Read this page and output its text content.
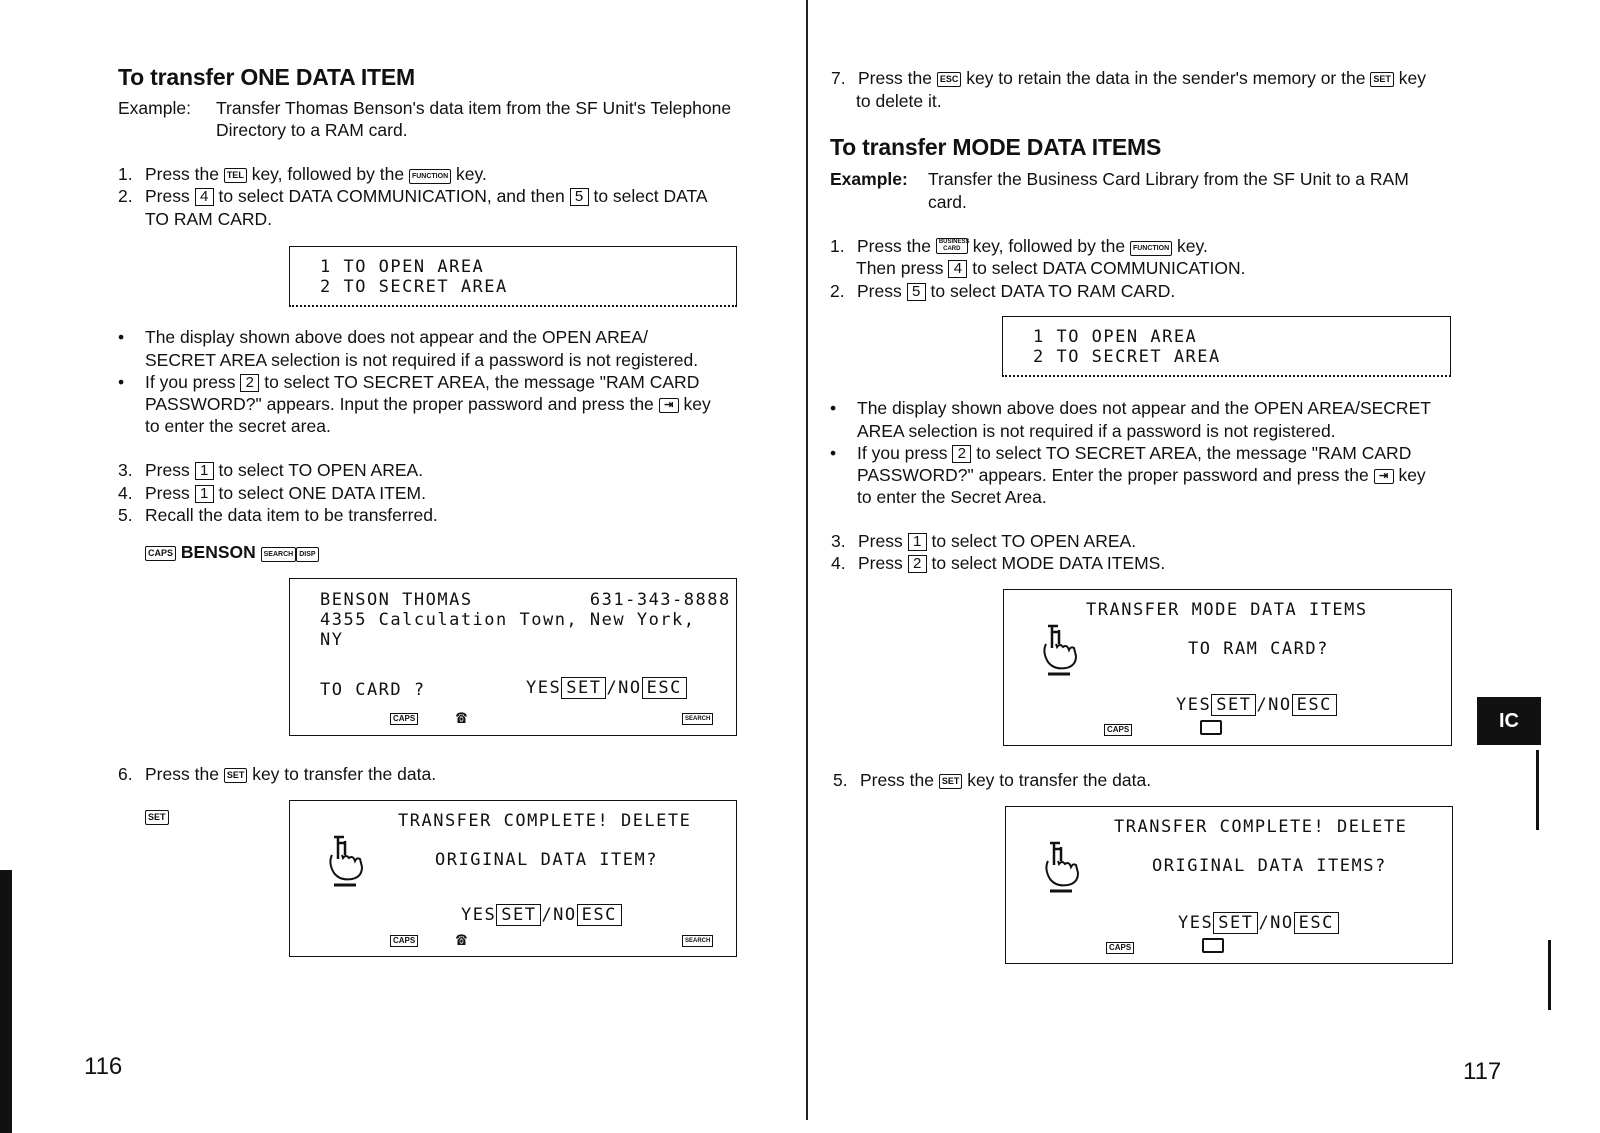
To transfer ONE DATA ITEM
Example: Transfer Thomas Benson's data item from the SF Unit's Telephone
Directory to a RAM card.
1. Press the TEL key, followed by the FUNCTION key.
2. Press 4 to select DATA COMMUNICATION, and then 5 to select DATA
TO RAM CARD.
1 TO OPEN AREA
2 TO SECRET AREA
• The display shown above does not appear and the OPEN AREA/
SECRET AREA selection is not required if a password is not registered.
• If you press 2 to select TO SECRET AREA, the message "RAM CARD
PASSWORD?" appears. Input the proper password and press the ⇥ key
to enter the secret area.
3. Press 1 to select TO OPEN AREA.
4. Press 1 to select ONE DATA ITEM.
5. Recall the data item to be transferred.
CAPS BENSON SEARCH DISP
BENSON THOMAS          631-343-8888
4355 Calculation Town, New York,
NY
TO CARD ?	YES SET /NO ESC
CAPS ☎	SEARCH
6. Press the SET key to transfer the data.
SET	TRANSFER COMPLETE! DELETE
ORIGINAL DATA ITEM?
YES SET /NO ESC
CAPS ☎	SEARCH
116
7. Press the ESC key to retain the data in the sender's memory or the SET key
to delete it.
To transfer MODE DATA ITEMS
Example: Transfer the Business Card Library from the SF Unit to a RAM
card.
1. Press the BUSINESS CARD key, followed by the FUNCTION key.
Then press 4 to select DATA COMMUNICATION.
2. Press 5 to select DATA TO RAM CARD.
1 TO OPEN AREA
2 TO SECRET AREA
• The display shown above does not appear and the OPEN AREA/SECRET
AREA selection is not required if a password is not registered.
• If you press 2 to select TO SECRET AREA, the message "RAM CARD
PASSWORD?" appears. Enter the proper password and press the ⇥ key
to enter the Secret Area.
3. Press 1 to select TO OPEN AREA.
4. Press 2 to select MODE DATA ITEMS.
TRANSFER MODE DATA ITEMS
TO RAM CARD?
YES SET /NO ESC
CAPS
5. Press the SET key to transfer the data.
TRANSFER COMPLETE! DELETE
ORIGINAL DATA ITEMS?
YES SET /NO ESC
CAPS
IC
117
